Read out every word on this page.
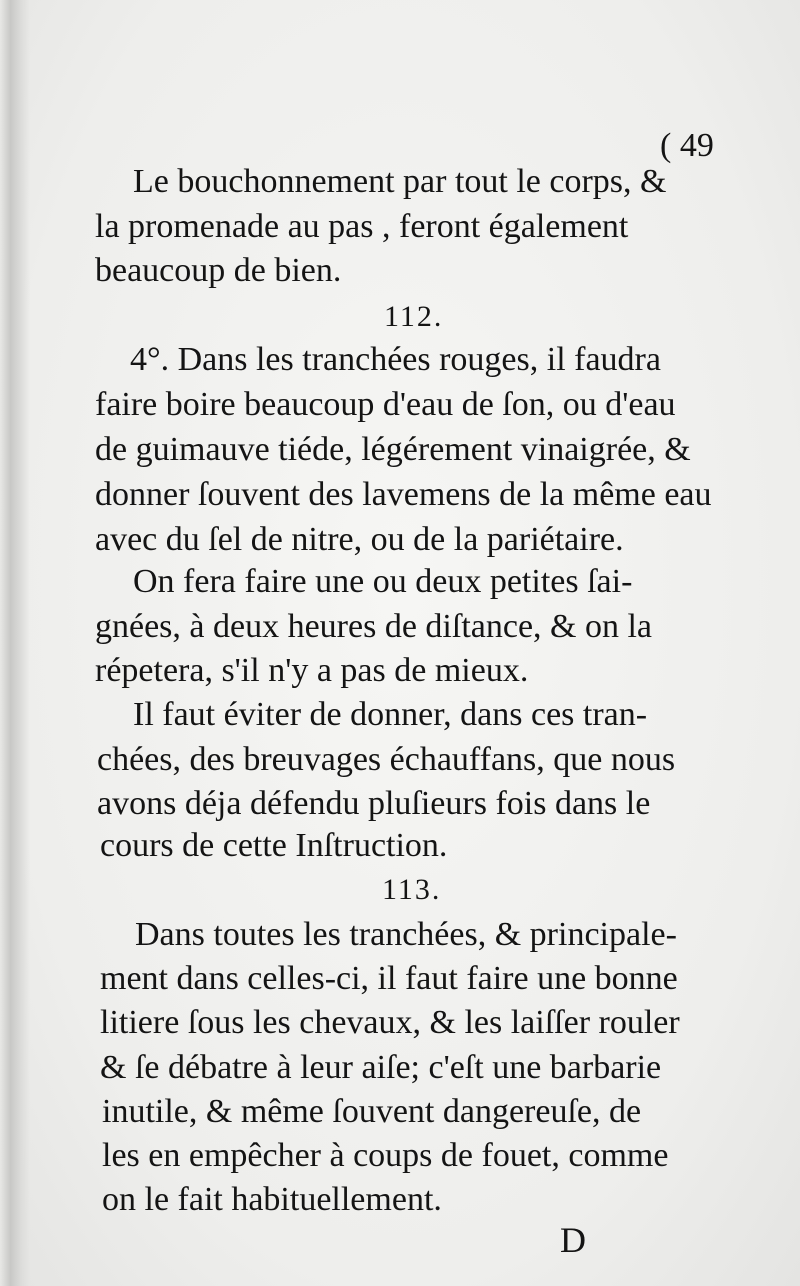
( 49

Le bouchonnement par tout le corps, &

la promenade au pas , feront également

beaucoup de bien.

112.

4°. Dans les tranchées rouges, il faudra

faire boire beaucoup d'eau de ſon, ou d'eau

de guimauve tiéde, légérement vinaigrée, &

donner ſouvent des lavemens de la même eau

avec du ſel de nitre, ou de la pariétaire.

On fera faire une ou deux petites ſai-

gnées, à deux heures de diſtance, & on la

répetera, s'il n'y a pas de mieux.

Il faut éviter de donner, dans ces tran-

chées, des breuvages échauffans, que nous

avons déja défendu pluſieurs fois dans le

cours de cette Inſtruction.

113.

Dans toutes les tranchées, & principale-

ment dans celles-ci, il faut faire une bonne

litiere ſous les chevaux, & les laiſſer rouler

& ſe débatre à leur aiſe; c'eſt une barbarie

inutile, & même ſouvent dangereuſe, de

les en empêcher à coups de fouet, comme

on le fait habituellement.

D
